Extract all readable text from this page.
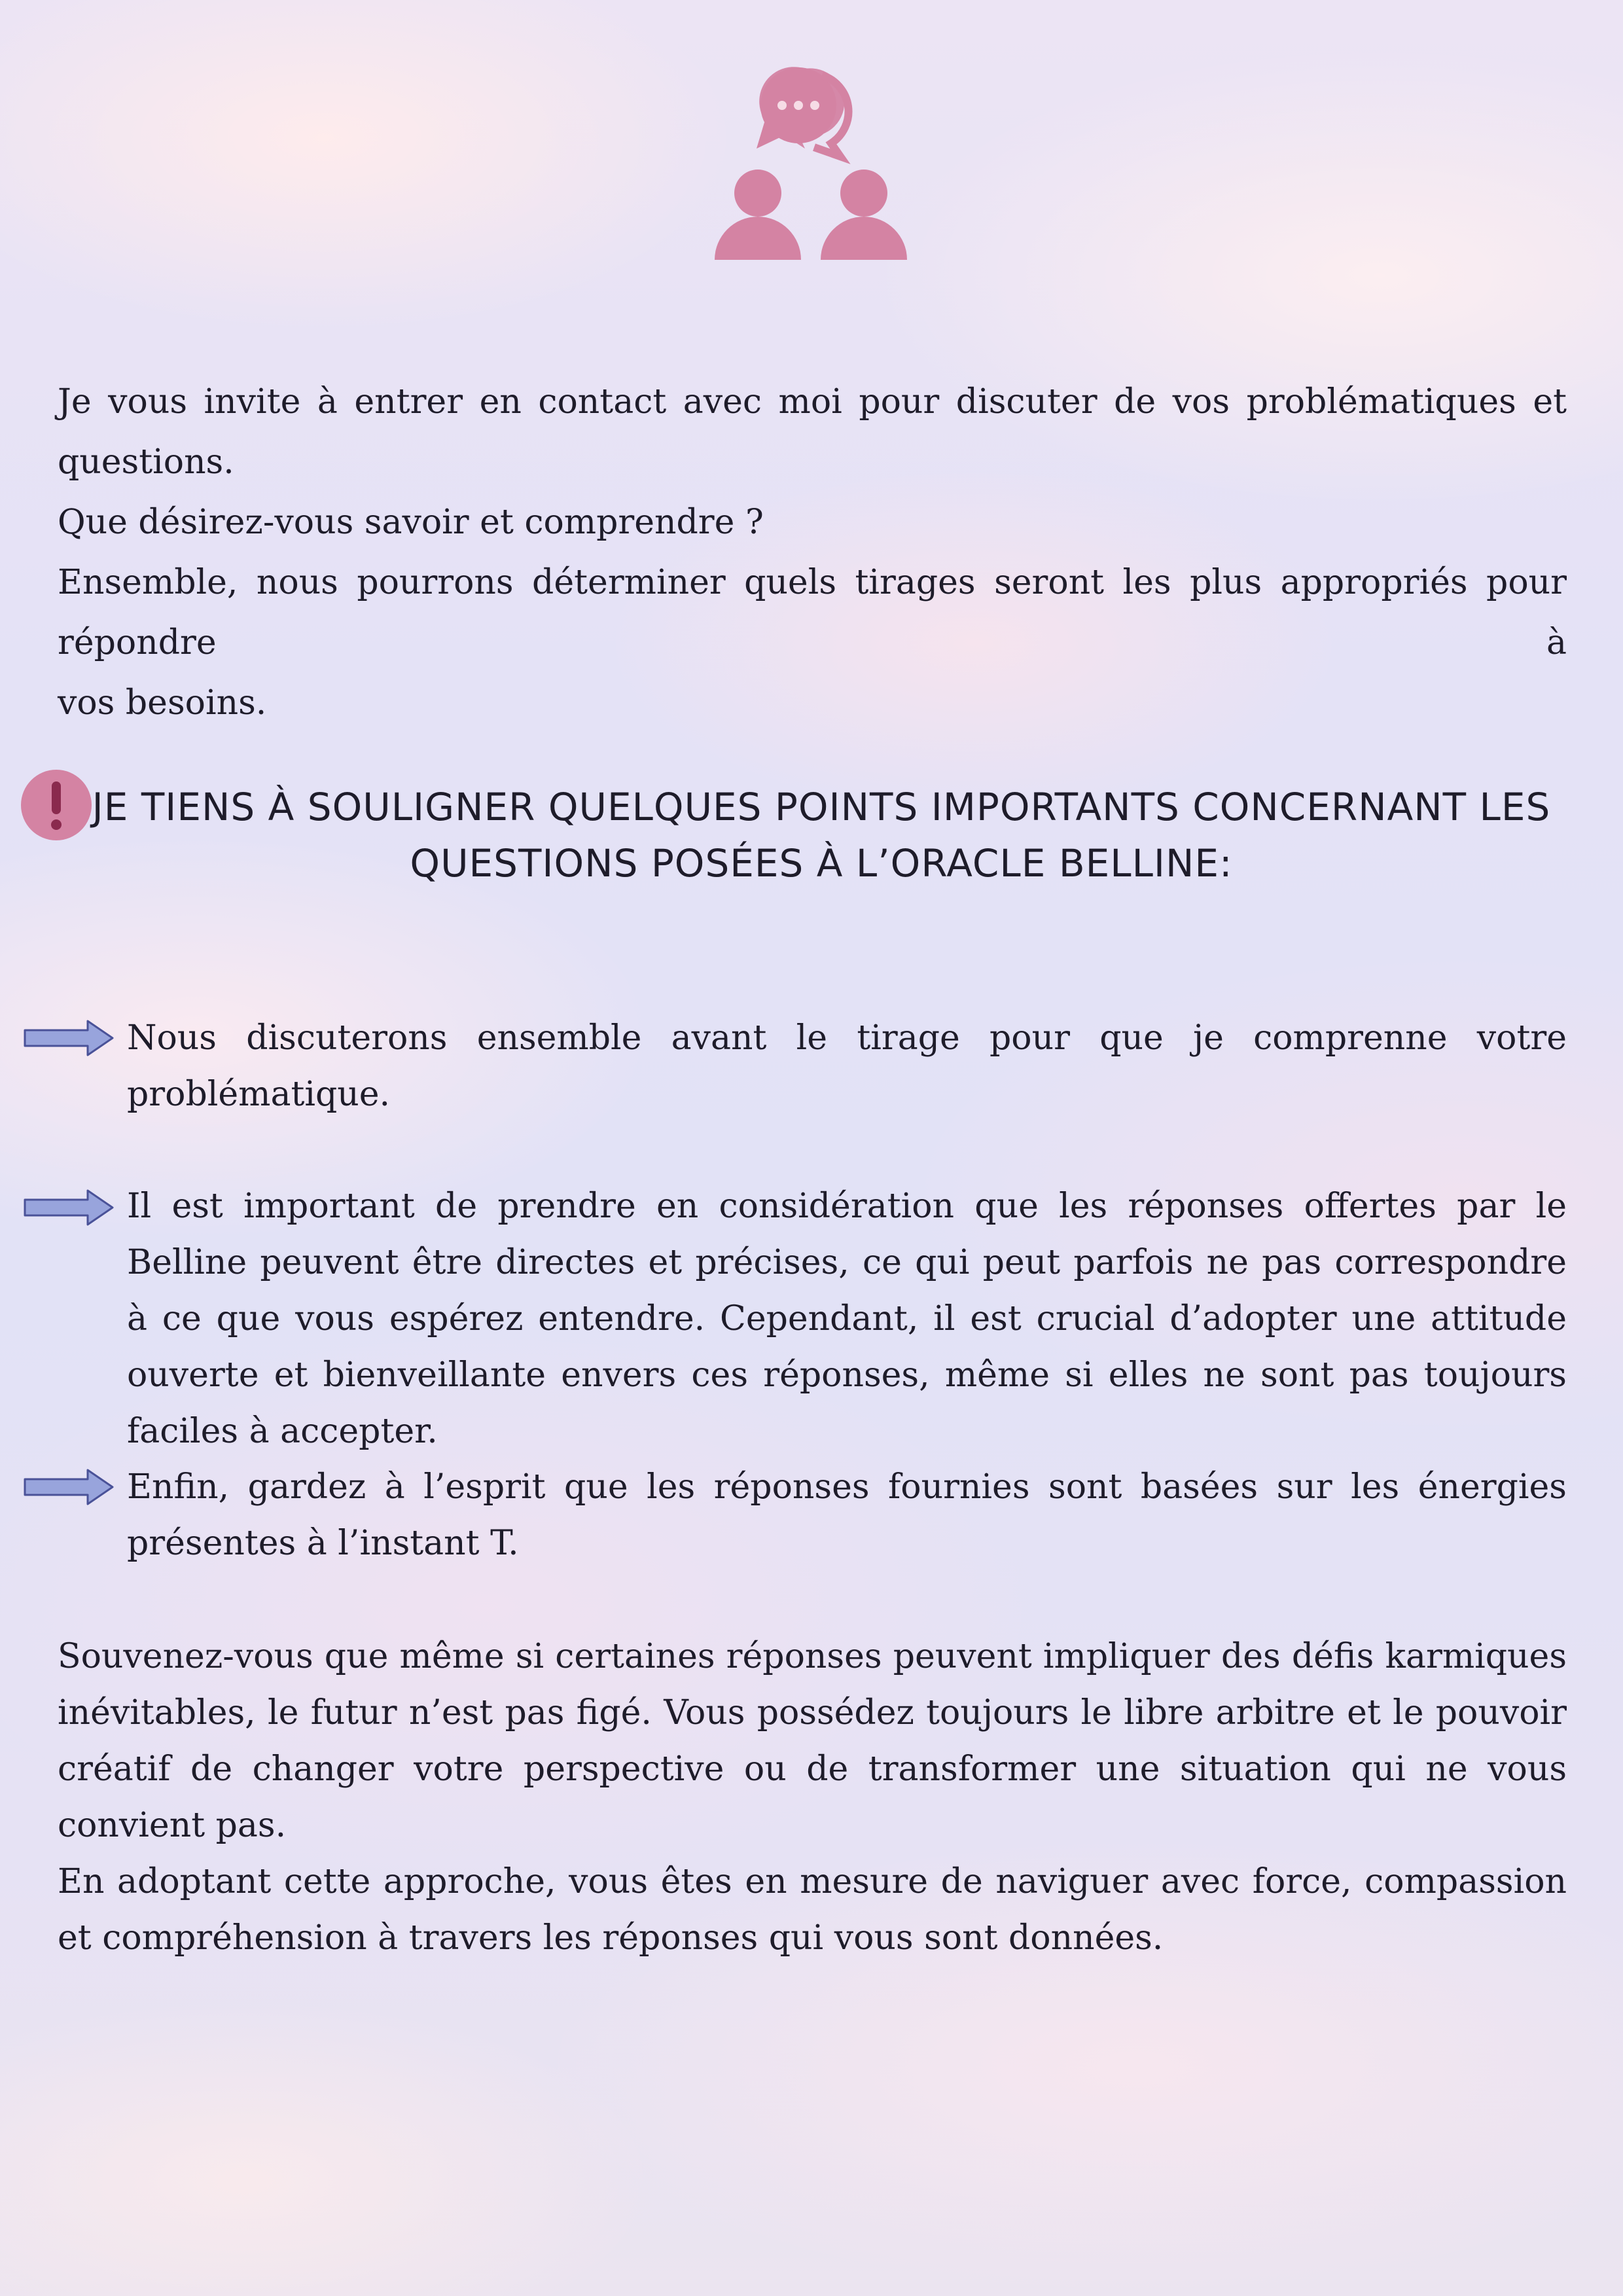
Je vous invite à entrer en contact avec moi pour discuter de vos problématiques et questions.
Que désirez-vous savoir et comprendre ?
Ensemble, nous pourrons déterminer quels tirages seront les plus appropriés pour répondre à
vos besoins.
JE TIENS À SOULIGNER QUELQUES POINTS IMPORTANTS CONCERNANT LES
QUESTIONS POSÉES À L’ORACLE BELLINE:

Nous discuterons ensemble avant le tirage pour que je comprenne votre problématique.

Il est important de prendre en considération que les réponses offertes par le Belline peuvent être directes et précises, ce qui peut parfois ne pas correspondre à ce que vous espérez entendre. Cependant, il est crucial d’adopter une attitude ouverte et bienveillante envers ces réponses, même si elles ne sont pas toujours faciles à accepter.

Enfin, gardez à l’esprit que les réponses fournies sont basées sur les énergies présentes à l’instant T.

Souvenez-vous que même si certaines réponses peuvent impliquer des défis karmiques inévitables, le futur n’est pas figé. Vous possédez toujours le libre arbitre et le pouvoir créatif de changer votre perspective ou de transformer une situation qui ne vous convient pas.
En adoptant cette approche, vous êtes en mesure de naviguer avec force, compassion et compréhension à travers les réponses qui vous sont données.
